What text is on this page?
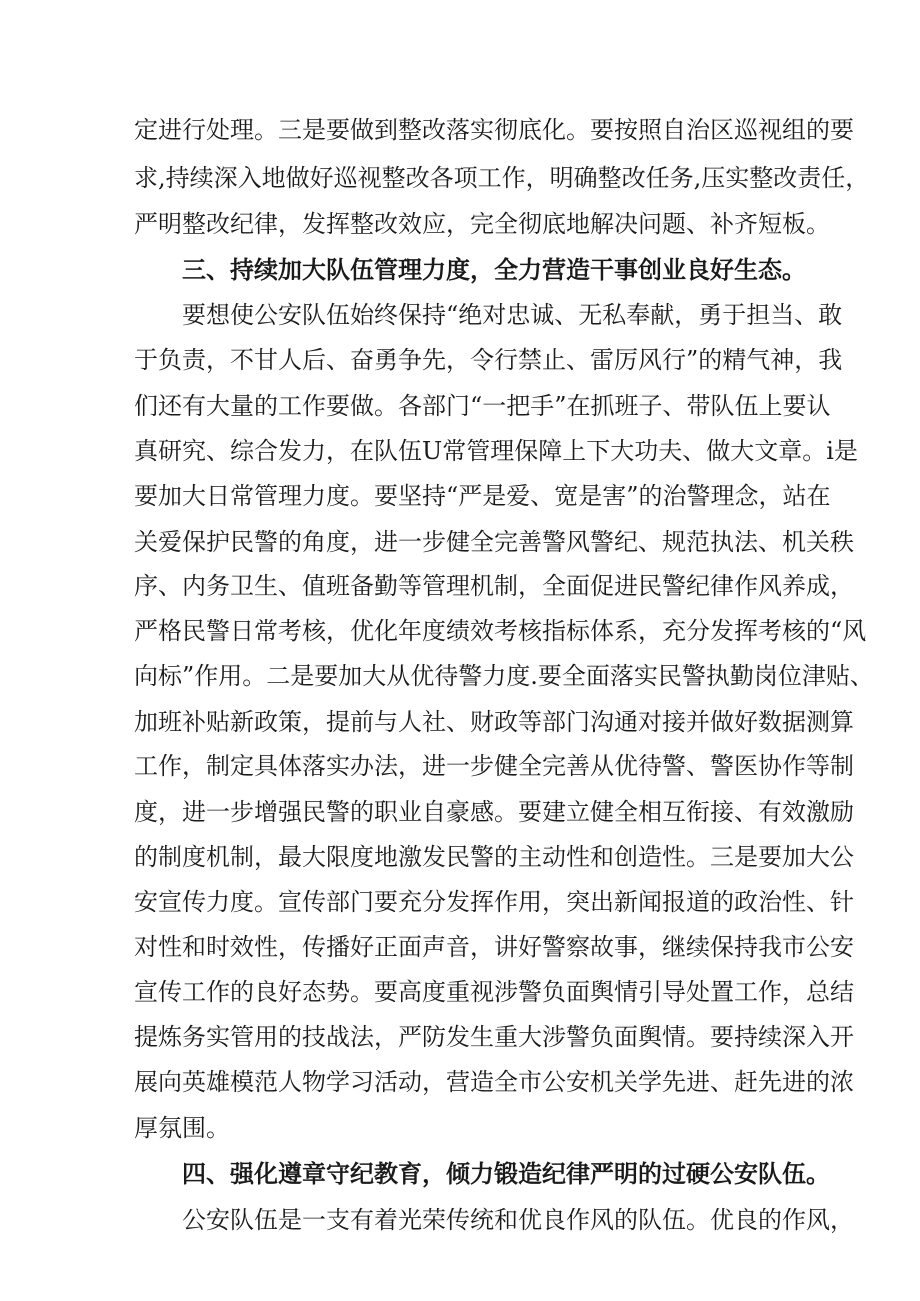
定进行处理。三是要做到整改落实彻底化。要按照自治区巡视组的要
求,持续深入地做好巡视整改各项工作，明确整改任务,压实整改责任，
严明整改纪律，发挥整改效应，完全彻底地解决问题、补齐短板。
三、持续加大队伍管理力度，全力营造干事创业良好生态。
要想使公安队伍始终保持“绝对忠诚、无私奉献，勇于担当、敢
于负责，不甘人后、奋勇争先，令行禁止、雷厉风行”的精气神，我
们还有大量的工作要做。各部门“一把手”在抓班子、带队伍上要认
真研究、综合发力，在队伍U常管理保障上下大功夫、做大文章。i是
要加大日常管理力度。要坚持“严是爱、宽是害”的治警理念，站在
关爱保护民警的角度，进一步健全完善警风警纪、规范执法、机关秩
序、内务卫生、值班备勤等管理机制，全面促进民警纪律作风养成，
严格民警日常考核，优化年度绩效考核指标体系，充分发挥考核的“风
向标”作用。二是要加大从优待警力度.要全面落实民警执勤岗位津贴、
加班补贴新政策，提前与人社、财政等部门沟通对接并做好数据测算
工作，制定具体落实办法，进一步健全完善从优待警、警医协作等制
度，进一步增强民警的职业自豪感。要建立健全相互衔接、有效激励
的制度机制，最大限度地激发民警的主动性和创造性。三是要加大公
安宣传力度。宣传部门要充分发挥作用，突出新闻报道的政治性、针
对性和时效性，传播好正面声音，讲好警察故事，继续保持我市公安
宣传工作的良好态势。要高度重视涉警负面舆情引导处置工作，总结
提炼务实管用的技战法，严防发生重大涉警负面舆情。要持续深入开
展向英雄模范人物学习活动，营造全市公安机关学先进、赶先进的浓
厚氛围。
四、强化遵章守纪教育，倾力锻造纪律严明的过硬公安队伍。
公安队伍是一支有着光荣传统和优良作风的队伍。优良的作风，
